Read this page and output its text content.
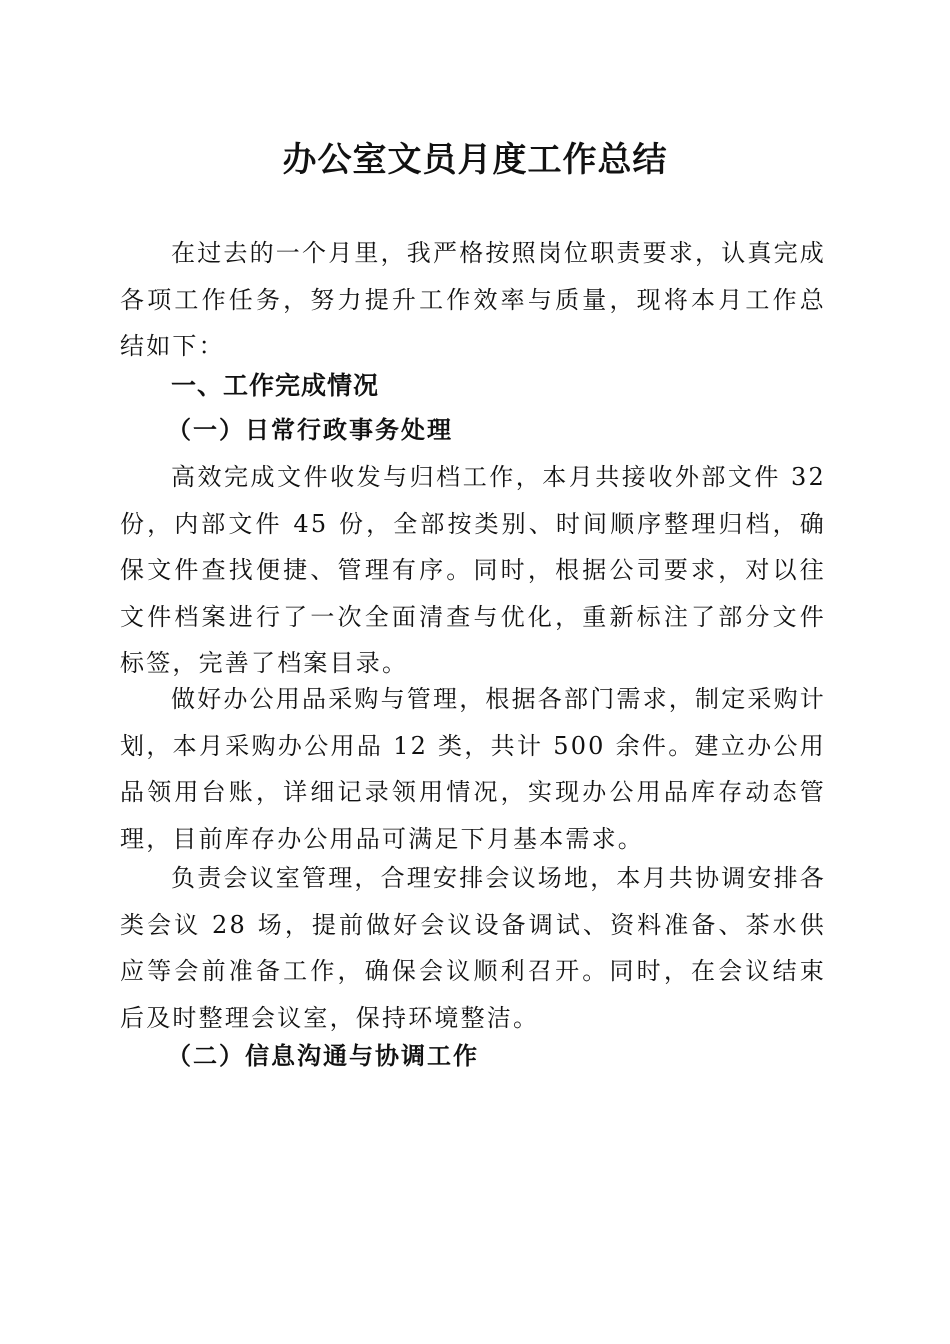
办公室文员月度工作总结

在过去的一个月里，我严格按照岗位职责要求，认真完成各项工作任务，努力提升工作效率与质量，现将本月工作总结如下：

一、工作完成情况
（一）日常行政事务处理

高效完成文件收发与归档工作，本月共接收外部文件 32 份，内部文件 45 份，全部按类别、时间顺序整理归档，确保文件查找便捷、管理有序。同时，根据公司要求，对以往文件档案进行了一次全面清查与优化，重新标注了部分文件标签，完善了档案目录。

做好办公用品采购与管理，根据各部门需求，制定采购计划，本月采购办公用品 12 类，共计 500 余件。建立办公用品领用台账，详细记录领用情况，实现办公用品库存动态管理，目前库存办公用品可满足下月基本需求。

负责会议室管理，合理安排会议场地，本月共协调安排各类会议 28 场，提前做好会议设备调试、资料准备、茶水供应等会前准备工作，确保会议顺利召开。同时，在会议结束后及时整理会议室，保持环境整洁。

（二）信息沟通与协调工作
